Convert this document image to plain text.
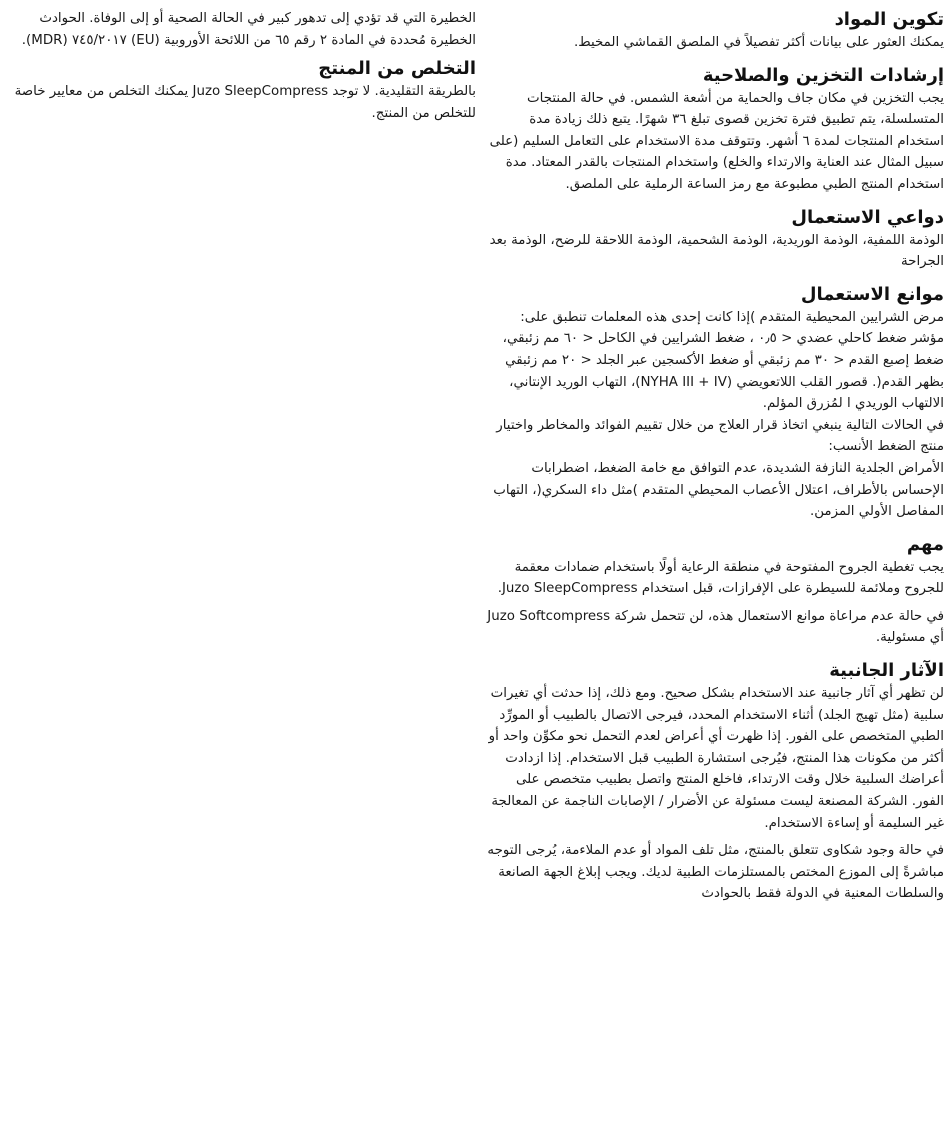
تكوين المواد

يمكنك العثور على بيانات أكثر تفصيلاً في الملصق القماشي المخيط.

إرشادات التخزين والصلاحية

يجب التخزين في مكان جاف والحماية من أشعة الشمس. في حالة المنتجات المتسلسلة، يتم تطبيق فترة تخزين قصوى تبلغ ٣٦ شهرًا. يتبع ذلك زيادة مدة استخدام المنتجات لمدة ٦ أشهر. وتتوقف مدة الاستخدام على التعامل السليم (على سبيل المثال عند العناية والارتداء والخلع) واستخدام المنتجات بالقدر المعتاد. مدة استخدام المنتج الطبي مطبوعة مع رمز الساعة الرملية على الملصق.

دواعي الاستعمال

الوذمة اللمفية، الوذمة الوريدية، الوذمة الشحمية، الوذمة اللاحقة للرضح، الوذمة بعد الجراحة

موانع الاستعمال

مرض الشرايين المحيطية المتقدم )إذا كانت إحدى هذه المعلمات تنطبق على: مؤشر ضغط كاحلي عضدي < ٠٫٥ ، ضغط الشرايين في الكاحل < ٦٠ مم زئبقي، ضغط إصبع القدم < ٣٠ مم زئبقي أو ضغط الأكسجين عبر الجلد < ٢٠ مم زئبقي بظهر القدم(. قصور القلب اللاتعويضي (NYHA III + IV)، التهاب الوريد الإنتاني، الالتهاب الوريدي ا لمُزرق المؤلم.

في الحالات التالية ينبغي اتخاذ قرار العلاج من خلال تقييم الفوائد والمخاطر واختيار منتج الضغط الأنسب:

الأمراض الجلدية النازفة الشديدة، عدم التوافق مع خامة الضغط، اضطرابات الإحساس بالأطراف، اعتلال الأعصاب المحيطي المتقدم )مثل داء السكري(، التهاب المفاصل الأولي المزمن.

مهم

يجب تغطية الجروح المفتوحة في منطقة الرعاية أولًا باستخدام ضمادات معقمة للجروح وملائمة للسيطرة على الإفرازات، قبل استخدام Juzo SleepCompress.

في حالة عدم مراعاة موانع الاستعمال هذه، لن تتحمل شركة Juzo Softcompress أي مسئولية.

الآثار الجانبية

لن تظهر أي آثار جانبية عند الاستخدام بشكل صحيح. ومع ذلك، إذا حدثت أي تغيرات سلبية (مثل تهيج الجلد) أثناء الاستخدام المحدد، فيرجى الاتصال بالطبيب أو المورِّد الطبي المتخصص على الفور. إذا ظهرت أي أعراض لعدم التحمل نحو مكوِّن واحد أو أكثر من مكونات هذا المنتج، فيُرجى استشارة الطبيب قبل الاستخدام. إذا ازدادت أعراضك السلبية خلال وقت الارتداء، فاخلع المنتج واتصل بطبيب متخصص على الفور. الشركة المصنعة ليست مسئولة عن الأضرار / الإصابات الناجمة عن المعالجة غير السليمة أو إساءة الاستخدام.

في حالة وجود شكاوى تتعلق بالمنتج، مثل تلف المواد أو عدم الملاءمة، يُرجى التوجه مباشرةً إلى الموزع المختص بالمستلزمات الطبية لديك. ويجب إبلاغ الجهة الصانعة والسلطات المعنية في الدولة فقط بالحوادث

الخطيرة التي قد تؤدي إلى تدهور كبير في الحالة الصحية أو إلى الوفاة. الحوادث الخطيرة مُحددة في المادة ٢ رقم ٦٥ من اللائحة الأوروبية (EU) ٧٤٥/٢٠١٧ (MDR).

التخلص من المنتج

بالطريقة التقليدية. لا توجد Juzo SleepCompress يمكنك التخلص من معايير خاصة للتخلص من المنتج.
